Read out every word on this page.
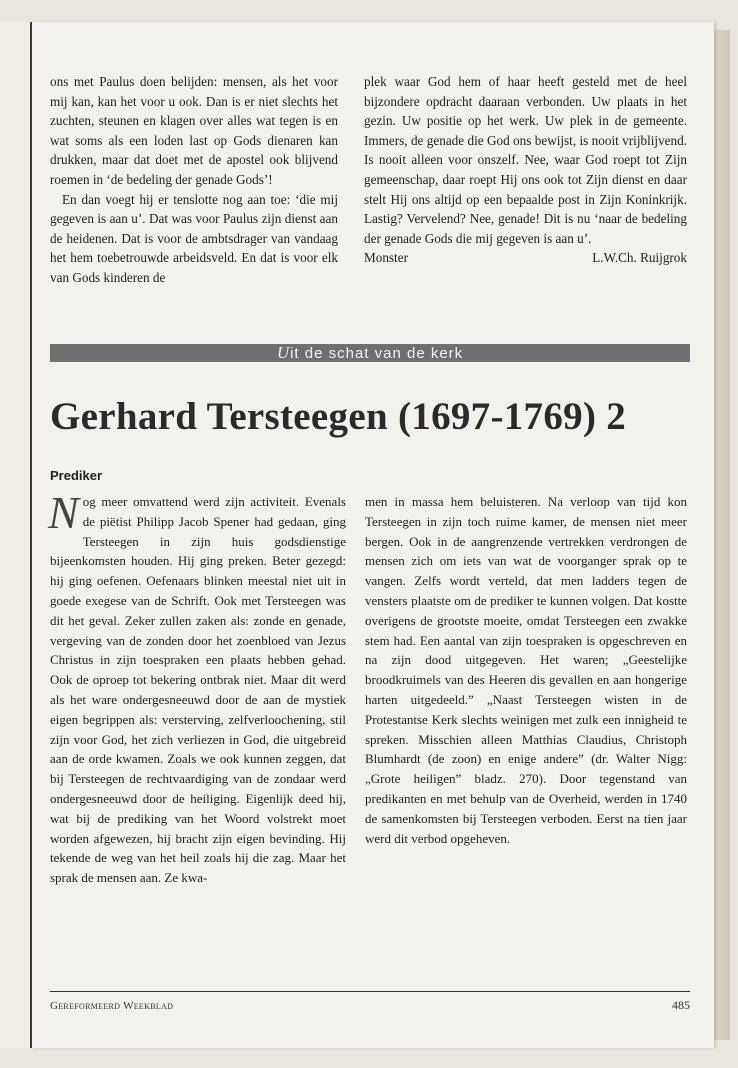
ons met Paulus doen belijden: mensen, als het voor mij kan, kan het voor u ook. Dan is er niet slechts het zuchten, steunen en klagen over alles wat tegen is en wat soms als een loden last op Gods dienaren kan drukken, maar dat doet met de apostel ook blijvend roemen in ‘de bedeling der genade Gods’!

En dan voegt hij er tenslotte nog aan toe: ‘die mij gegeven is aan u’. Dat was voor Paulus zijn dienst aan de heidenen. Dat is voor de ambtsdrager van vandaag het hem toebetrouwde arbeidsveld. En dat is voor elk van Gods kinderen de

plek waar God hem of haar heeft gesteld met de heel bijzondere opdracht daaraan verbonden. Uw plaats in het gezin. Uw positie op het werk. Uw plek in de gemeente. Immers, de genade die God ons bewijst, is nooit vrijblijvend. Is nooit alleen voor onszelf. Nee, waar God roept tot Zijn gemeenschap, daar roept Hij ons ook tot Zijn dienst en daar stelt Hij ons altijd op een bepaalde post in Zijn Koninkrijk. Lastig? Vervelend? Nee, genade! Dit is nu ‘naar de bedeling der genade Gods die mij gegeven is aan u’.

Monster	L.W.Ch. Ruijgrok
Uit de schat van de kerk
Gerhard Tersteegen (1697-1769) 2
Prediker

N og meer omvattend werd zijn activiteit. Evenals de piëtist Philipp Jacob Spener had gedaan, ging Tersteegen in zijn huis godsdienstige bijeenkomsten houden. Hij ging preken. Beter gezegd: hij ging oefenen. Oefenaars blinken meestal niet uit in goede exegese van de Schrift. Ook met Tersteegen was dit het geval. Zeker zullen zaken als: zonde en genade, vergeving van de zonden door het zoenbloed van Jezus Christus in zijn toespraken een plaats hebben gehad. Ook de oproep tot bekering ontbrak niet. Maar dit werd als het ware ondergesneeuwd door de aan de mystiek eigen begrippen als: versterving, zelfverloochening, stil zijn voor God, het zich verliezen in God, die uitgebreid aan de orde kwamen. Zoals we ook kunnen zeggen, dat bij Tersteegen de rechtvaardiging van de zondaar werd ondergesneeuwd door de heiliging. Eigenlijk deed hij, wat bij de prediking van het Woord volstrekt moet worden afgewezen, hij bracht zijn eigen bevinding. Hij tekende de weg van het heil zoals hij die zag. Maar het sprak de mensen aan. Ze kwa-

men in massa hem beluisteren. Na verloop van tijd kon Tersteegen in zijn toch ruime kamer, de mensen niet meer bergen. Ook in de aangrenzende vertrekken verdrongen de mensen zich om iets van wat de voorganger sprak op te vangen. Zelfs wordt verteld, dat men ladders tegen de vensters plaatste om de prediker te kunnen volgen. Dat kostte overigens de grootste moeite, omdat Tersteegen een zwakke stem had. Een aantal van zijn toespraken is opgeschreven en na zijn dood uitgegeven. Het waren; „Geestelijke broodkruimels van des Heeren dis gevallen en aan hongerige harten uitgedeeld.” „Naast Tersteegen wisten in de Protestantse Kerk slechts weinigen met zulk een innigheid te spreken. Misschien alleen Matthias Claudius, Christoph Blumhardt (de zoon) en enige andere” (dr. Walter Nigg: „Grote heiligen” bladz. 270). Door tegenstand van predikanten en met behulp van de Overheid, werden in 1740 de samenkomsten bij Tersteegen verboden. Eerst na tien jaar werd dit verbod opgeheven.

Gereformeerd Weekblad	485
